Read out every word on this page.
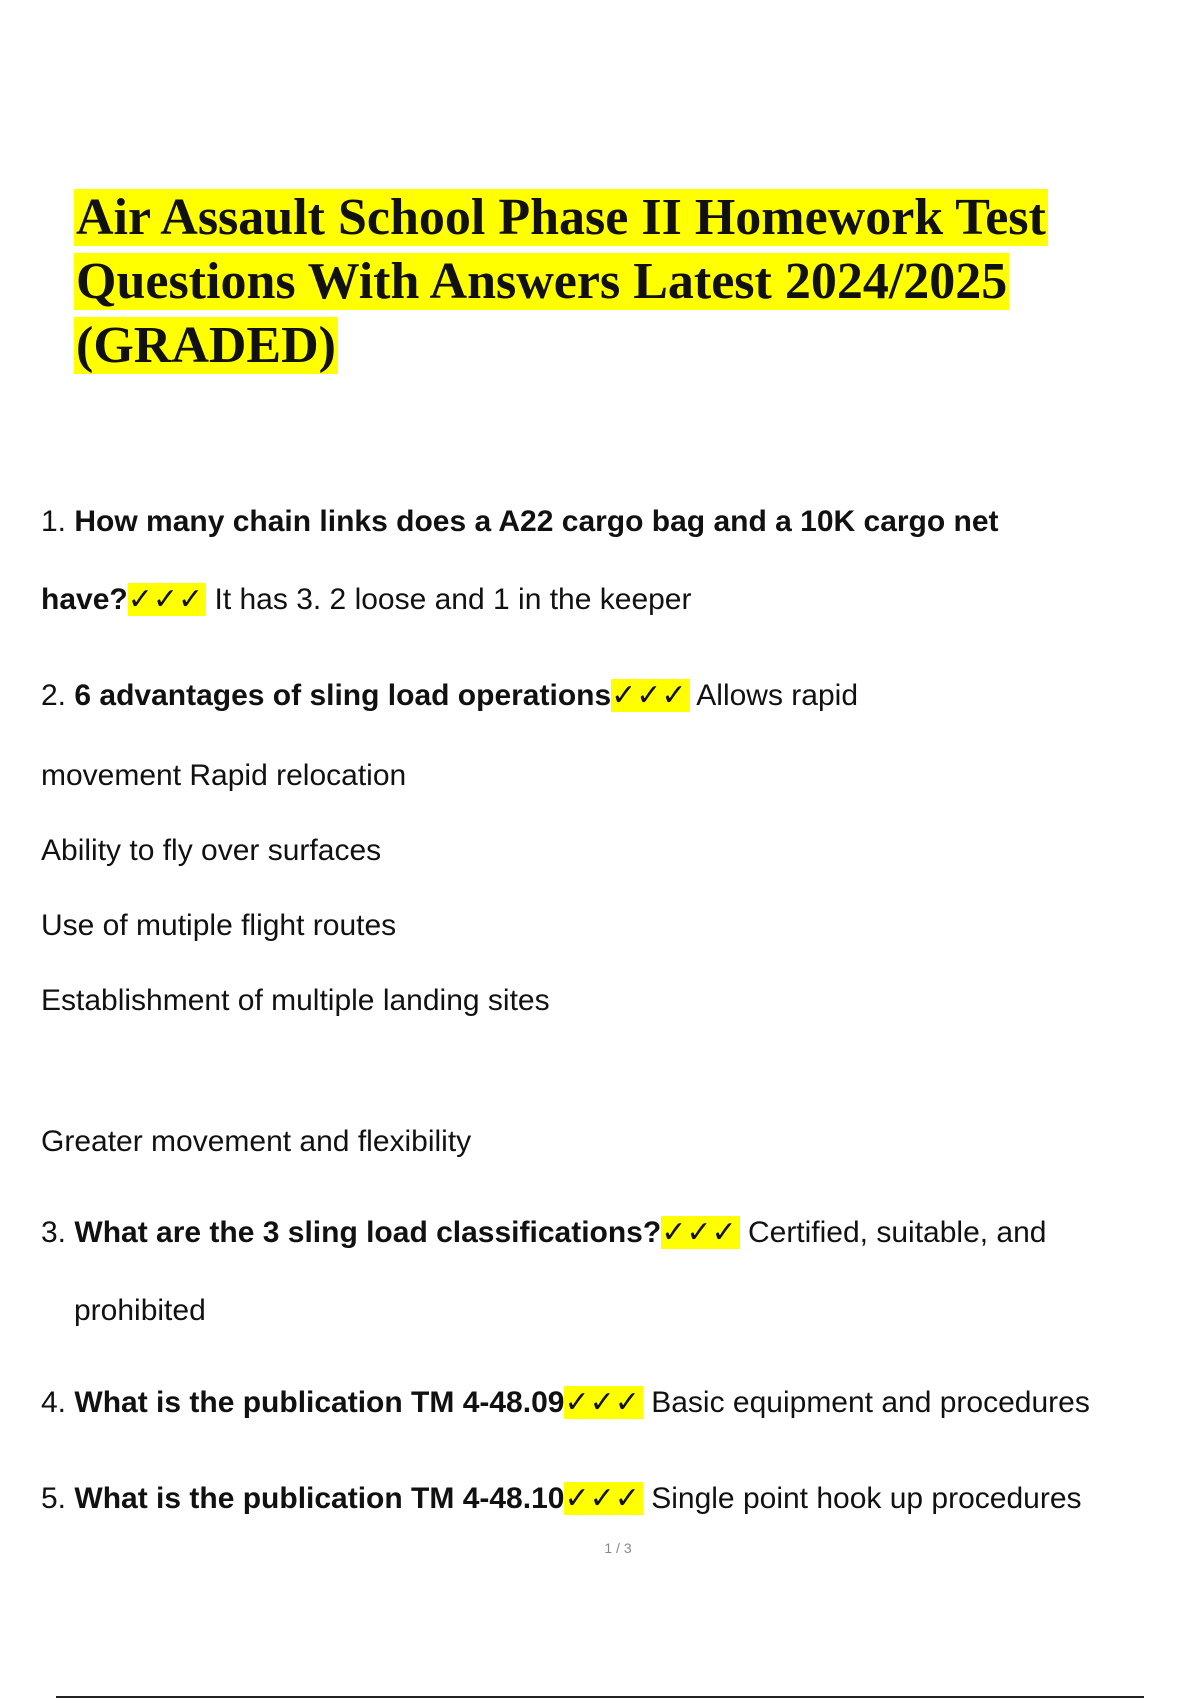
Air Assault School Phase II Homework Test Questions With Answers Latest 2024/2025 (GRADED)

1. How many chain links does a A22 cargo bag and a 10K cargo net

have?✓✓✓ It has 3. 2 loose and 1 in the keeper

2. 6 advantages of sling load operations✓✓✓ Allows rapid

movement Rapid relocation

Ability to fly over surfaces

Use of mutiple flight routes

Establishment of multiple landing sites

Greater movement and flexibility

3. What are the 3 sling load classifications?✓✓✓ Certified, suitable, and

prohibited

4. What is the publication TM 4-48.09✓✓✓ Basic equipment and procedures

5. What is the publication TM 4-48.10✓✓✓ Single point hook up procedures

1 / 3
